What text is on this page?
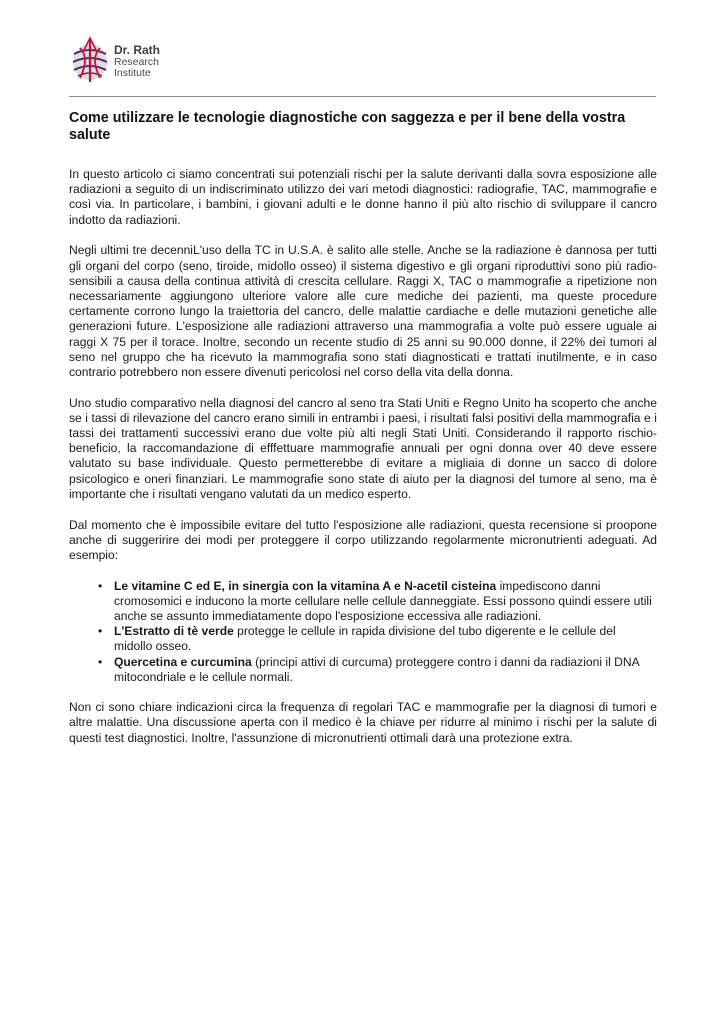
Dr. Rath
Research
Institute
Come utilizzare le tecnologie diagnostiche con saggezza e per il bene della vostra salute

In questo articolo ci siamo concentrati sui potenziali rischi per la salute derivanti dalla sovra esposizione alle radiazioni a seguito di un indiscriminato utilizzo dei vari metodi diagnostici: radiografie, TAC, mammografie e così via. In particolare, i bambini, i giovani adulti e le donne hanno il più alto rischio di sviluppare il cancro indotto da radiazioni.

Negli ultimi tre decenniL'uso della TC in U.S.A. è salito alle stelle. Anche se la radiazione è dannosa per tutti gli organi del corpo (seno, tiroide, midollo osseo) il sistema digestivo e gli organi riproduttivi sono più radio-sensibili a causa della continua attività di crescita cellulare. Raggi X, TAC o mammografie a ripetizione non necessariamente aggiungono ulteriore valore alle cure mediche dei pazienti, ma queste procedure certamente corrono lungo la traiettoria del cancro, delle malattie cardiache e delle mutazioni genetiche alle generazioni future. L'esposizione alle radiazioni attraverso una mammografia a volte può essere uguale ai raggi X 75 per il torace. Inoltre, secondo un recente studio di 25 anni su 90.000 donne, il 22% dei tumori al seno nel gruppo che ha ricevuto la mammografia sono stati diagnosticati e trattati inutilmente, e in caso contrario potrebbero non essere divenuti pericolosi nel corso della vita della donna.

Uno studio comparativo nella diagnosi del cancro al seno tra Stati Uniti e Regno Unito ha scoperto che anche se i tassi di rilevazione del cancro erano simili in entrambi i paesi, i risultati falsi positivi della mammografia e i tassi dei trattamenti successivi erano due volte più alti negli Stati Uniti. Considerando il rapporto rischio-beneficio, la raccomandazione di efffettuare mammografie annuali per ogni donna over 40 deve essere valutato su base individuale. Questo permetterebbe di evitare a migliaia di donne un sacco di dolore psicologico e oneri finanziari. Le mammografie sono state di aiuto per la diagnosi del tumore al seno, ma è importante che i risultati vengano valutati da un medico esperto.

Dal momento che è impossibile evitare del tutto l'esposizione alle radiazioni, questa recensione si proopone anche di suggeririre dei modi per proteggere il corpo utilizzando regolarmente micronutrienti adeguati. Ad esempio:

• Le vitamine C ed E, in sinergia con la vitamina A e N-acetil cisteina impediscono danni cromosomici e inducono la morte cellulare nelle cellule danneggiate. Essi possono quindi essere utili anche se assunto immediatamente dopo l'esposizione eccessiva alle radiazioni.
• L'Estratto di tè verde protegge le cellule in rapida divisione del tubo digerente e le cellule del midollo osseo.
• Quercetina e curcumina (principi attivi di curcuma) proteggere contro i danni da radiazioni il DNA mitocondriale e le cellule normali.

Non ci sono chiare indicazioni circa la frequenza di regolari TAC e mammografie per la diagnosi di tumori e altre malattie. Una discussione aperta con il medico è la chiave per ridurre al minimo i rischi per la salute di questi test diagnostici. Inoltre, l'assunzione di micronutrienti ottimali darà una protezione extra.
